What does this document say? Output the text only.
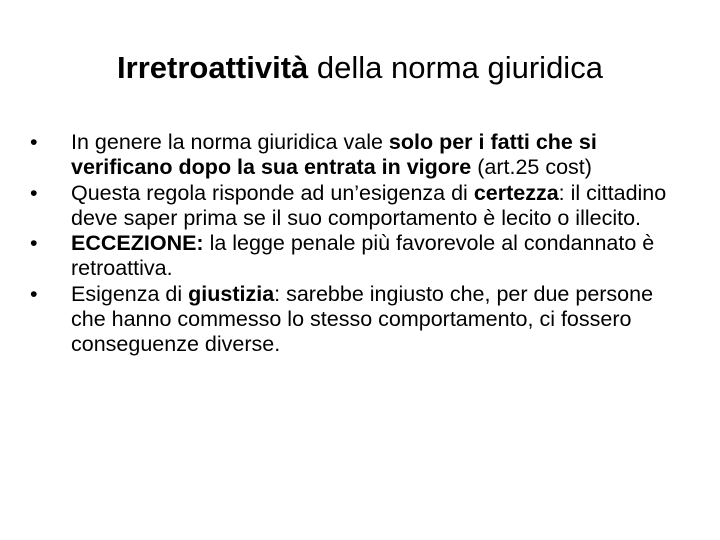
Irretroattività della norma giuridica
•	In genere la norma giuridica vale solo per i fatti che si verificano dopo la sua entrata in vigore (art.25 cost)
•	Questa regola risponde ad un’esigenza di certezza: il cittadino deve saper prima se il suo comportamento è lecito o illecito.
•	ECCEZIONE: la legge penale più favorevole al condannato è retroattiva.
•	Esigenza di giustizia: sarebbe ingiusto che, per due persone che hanno commesso lo stesso comportamento, ci fossero conseguenze diverse.
